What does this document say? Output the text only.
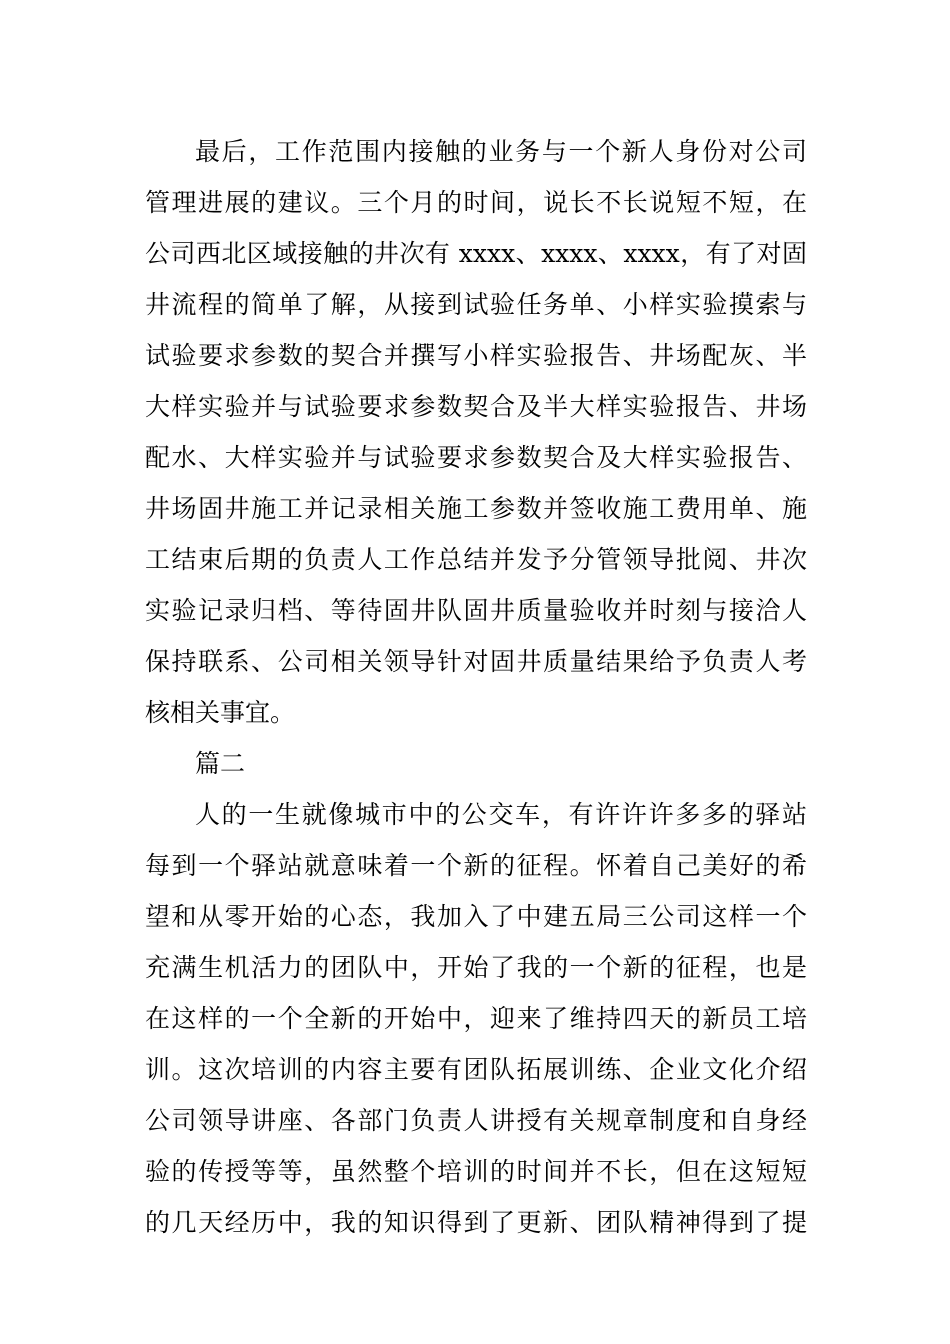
最后，工作范围内接触的业务与一个新人身份对公司
管理进展的建议。三个月的时间，说长不长说短不短，在
公司西北区域接触的井次有 xxxx、xxxx、xxxx，有了对固
井流程的简单了解，从接到试验任务单、小样实验摸索与
试验要求参数的契合并撰写小样实验报告、井场配灰、半
大样实验并与试验要求参数契合及半大样实验报告、井场
配水、大样实验并与试验要求参数契合及大样实验报告、
井场固井施工并记录相关施工参数并签收施工费用单、施
工结束后期的负责人工作总结并发予分管领导批阅、井次
实验记录归档、等待固井队固井质量验收并时刻与接洽人
保持联系、公司相关领导针对固井质量结果给予负责人考
核相关事宜。
篇二
人的一生就像城市中的公交车，有许许许多多的驿站
每到一个驿站就意味着一个新的征程。怀着自己美好的希
望和从零开始的心态，我加入了中建五局三公司这样一个
充满生机活力的团队中，开始了我的一个新的征程，也是
在这样的一个全新的开始中，迎来了维持四天的新员工培
训。这次培训的内容主要有团队拓展训练、企业文化介绍
公司领导讲座、各部门负责人讲授有关规章制度和自身经
验的传授等等，虽然整个培训的时间并不长，但在这短短
的几天经历中，我的知识得到了更新、团队精神得到了提
